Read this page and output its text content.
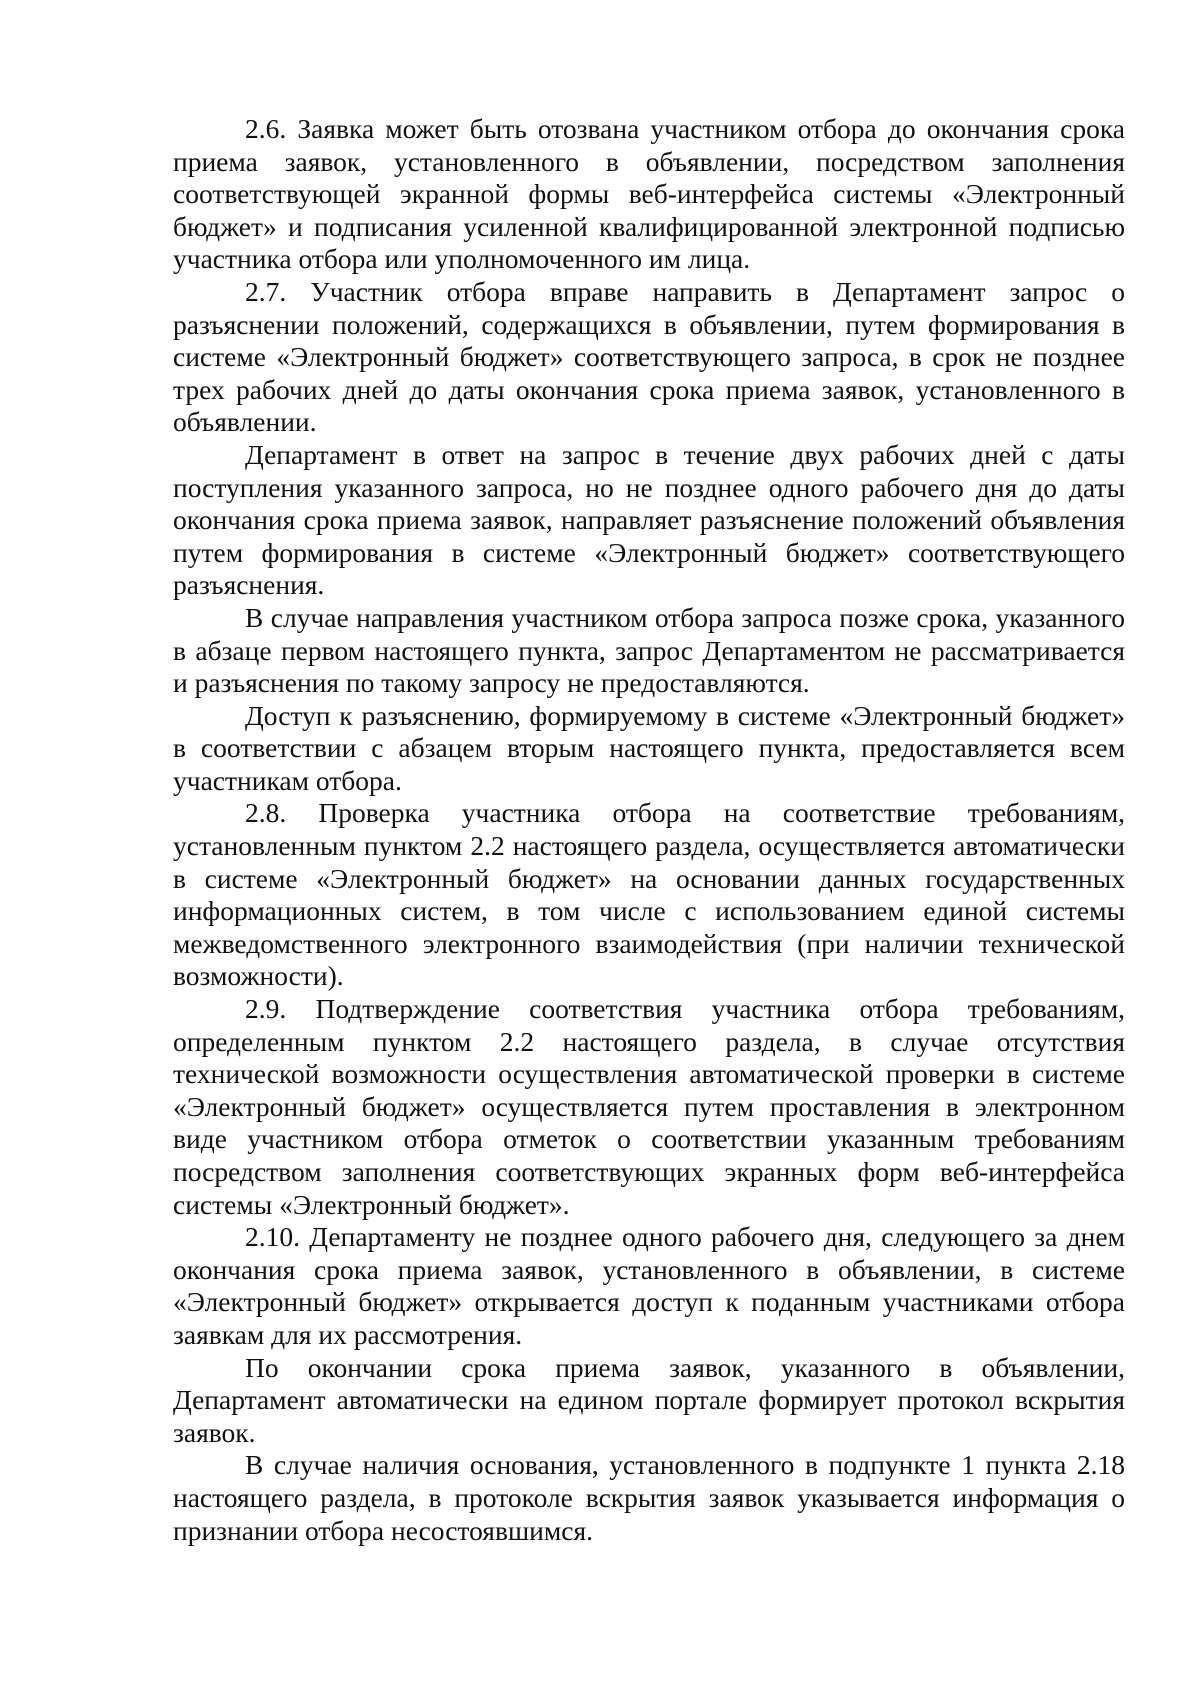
2.6. Заявка может быть отозвана участником отбора до окончания срока приема заявок, установленного в объявлении, посредством заполнения соответствующей экранной формы веб-интерфейса системы «Электронный бюджет» и подписания усиленной квалифицированной электронной подписью участника отбора или уполномоченного им лица.

2.7. Участник отбора вправе направить в Департамент запрос о разъяснении положений, содержащихся в объявлении, путем формирования в системе «Электронный бюджет» соответствующего запроса, в срок не позднее трех рабочих дней до даты окончания срока приема заявок, установленного в объявлении.

Департамент в ответ на запрос в течение двух рабочих дней с даты поступления указанного запроса, но не позднее одного рабочего дня до даты окончания срока приема заявок, направляет разъяснение положений объявления путем формирования в системе «Электронный бюджет» соответствующего разъяснения.

В случае направления участником отбора запроса позже срока, указанного в абзаце первом настоящего пункта, запрос Департаментом не рассматривается и разъяснения по такому запросу не предоставляются.

Доступ к разъяснению, формируемому в системе «Электронный бюджет» в соответствии с абзацем вторым настоящего пункта, предоставляется всем участникам отбора.

2.8. Проверка участника отбора на соответствие требованиям, установленным пунктом 2.2 настоящего раздела, осуществляется автоматически в системе «Электронный бюджет» на основании данных государственных информационных систем, в том числе с использованием единой системы межведомственного электронного взаимодействия (при наличии технической возможности).

2.9. Подтверждение соответствия участника отбора требованиям, определенным пунктом 2.2 настоящего раздела, в случае отсутствия технической возможности осуществления автоматической проверки в системе «Электронный бюджет» осуществляется путем проставления в электронном виде участником отбора отметок о соответствии указанным требованиям посредством заполнения соответствующих экранных форм веб-интерфейса системы «Электронный бюджет».

2.10. Департаменту не позднее одного рабочего дня, следующего за днем окончания срока приема заявок, установленного в объявлении, в системе «Электронный бюджет» открывается доступ к поданным участниками отбора заявкам для их рассмотрения.

По окончании срока приема заявок, указанного в объявлении, Департамент автоматически на едином портале формирует протокол вскрытия заявок.

В случае наличия основания, установленного в подпункте 1 пункта 2.18 настоящего раздела, в протоколе вскрытия заявок указывается информация о признании отбора несостоявшимся.
